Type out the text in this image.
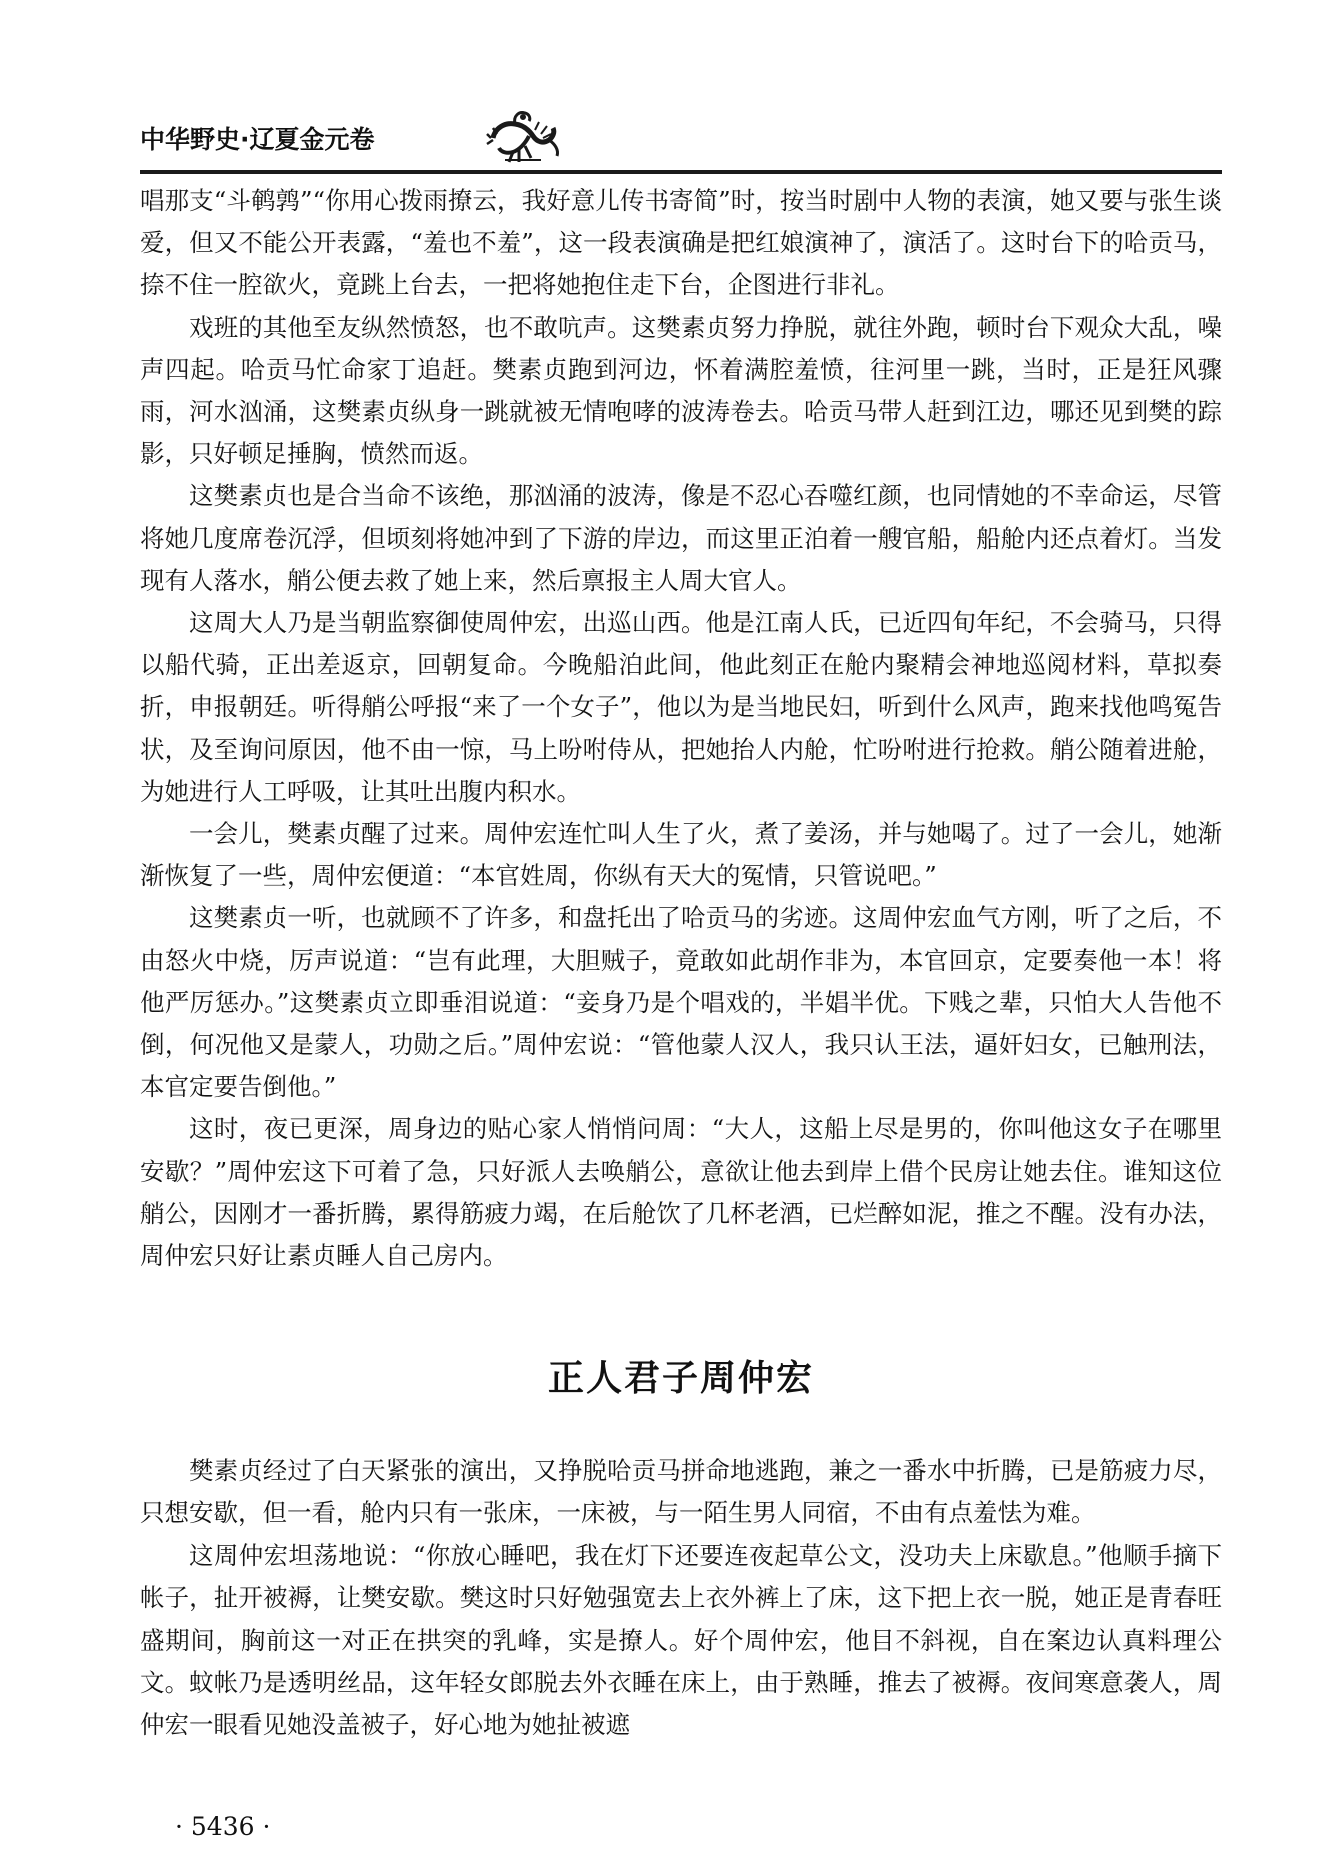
中华野史·辽夏金元卷

唱那支“斗鹌鹑”“你用心拨雨撩云，我好意儿传书寄简”时，按当时剧中人物的表演，她又要与张生谈爱，但又不能公开表露，“羞也不羞”，这一段表演确是把红娘演神了，演活了。这时台下的哈贡马，捺不住一腔欲火，竟跳上台去，一把将她抱住走下台，企图进行非礼。

戏班的其他至友纵然愤怒，也不敢吭声。这樊素贞努力挣脱，就往外跑，顿时台下观众大乱，噪声四起。哈贡马忙命家丁追赶。樊素贞跑到河边，怀着满腔羞愤，往河里一跳，当时，正是狂风骤雨，河水汹涌，这樊素贞纵身一跳就被无情咆哮的波涛卷去。哈贡马带人赶到江边，哪还见到樊的踪影，只好顿足捶胸，愤然而返。

这樊素贞也是合当命不该绝，那汹涌的波涛，像是不忍心吞噬红颜，也同情她的不幸命运，尽管将她几度席卷沉浮，但顷刻将她冲到了下游的岸边，而这里正泊着一艘官船，船舱内还点着灯。当发现有人落水，艄公便去救了她上来，然后禀报主人周大官人。

这周大人乃是当朝监察御使周仲宏，出巡山西。他是江南人氏，已近四旬年纪，不会骑马，只得以船代骑，正出差返京，回朝复命。今晚船泊此间，他此刻正在舱内聚精会神地巡阅材料，草拟奏折，申报朝廷。听得艄公呼报“来了一个女子”，他以为是当地民妇，听到什么风声，跑来找他鸣冤告状，及至询问原因，他不由一惊，马上吩咐侍从，把她抬人内舱，忙吩咐进行抢救。艄公随着进舱，为她进行人工呼吸，让其吐出腹内积水。

一会儿，樊素贞醒了过来。周仲宏连忙叫人生了火，煮了姜汤，并与她喝了。过了一会儿，她渐渐恢复了一些，周仲宏便道：“本官姓周，你纵有天大的冤情，只管说吧。”

这樊素贞一听，也就顾不了许多，和盘托出了哈贡马的劣迹。这周仲宏血气方刚，听了之后，不由怒火中烧，厉声说道：“岂有此理，大胆贼子，竟敢如此胡作非为，本官回京，定要奏他一本！将他严厉惩办。”这樊素贞立即垂泪说道：“妾身乃是个唱戏的，半娼半优。下贱之辈，只怕大人告他不倒，何况他又是蒙人，功勋之后。”周仲宏说：“管他蒙人汉人，我只认王法，逼奸妇女，已触刑法，本官定要告倒他。”

这时，夜已更深，周身边的贴心家人悄悄问周：“大人，这船上尽是男的，你叫他这女子在哪里安歇？”周仲宏这下可着了急，只好派人去唤艄公，意欲让他去到岸上借个民房让她去住。谁知这位艄公，因刚才一番折腾，累得筋疲力竭，在后舱饮了几杯老酒，已烂醉如泥，推之不醒。没有办法，周仲宏只好让素贞睡人自己房内。

正人君子周仲宏

樊素贞经过了白天紧张的演出，又挣脱哈贡马拼命地逃跑，兼之一番水中折腾，已是筋疲力尽，只想安歇，但一看，舱内只有一张床，一床被，与一陌生男人同宿，不由有点羞怯为难。

这周仲宏坦荡地说：“你放心睡吧，我在灯下还要连夜起草公文，没功夫上床歇息。”他顺手摘下帐子，扯开被褥，让樊安歇。樊这时只好勉强宽去上衣外裤上了床，这下把上衣一脱，她正是青春旺盛期间，胸前这一对正在拱突的乳峰，实是撩人。好个周仲宏，他目不斜视，自在案边认真料理公文。蚊帐乃是透明丝品，这年轻女郎脱去外衣睡在床上，由于熟睡，推去了被褥。夜间寒意袭人，周仲宏一眼看见她没盖被子，好心地为她扯被遮

· 5436 ·
